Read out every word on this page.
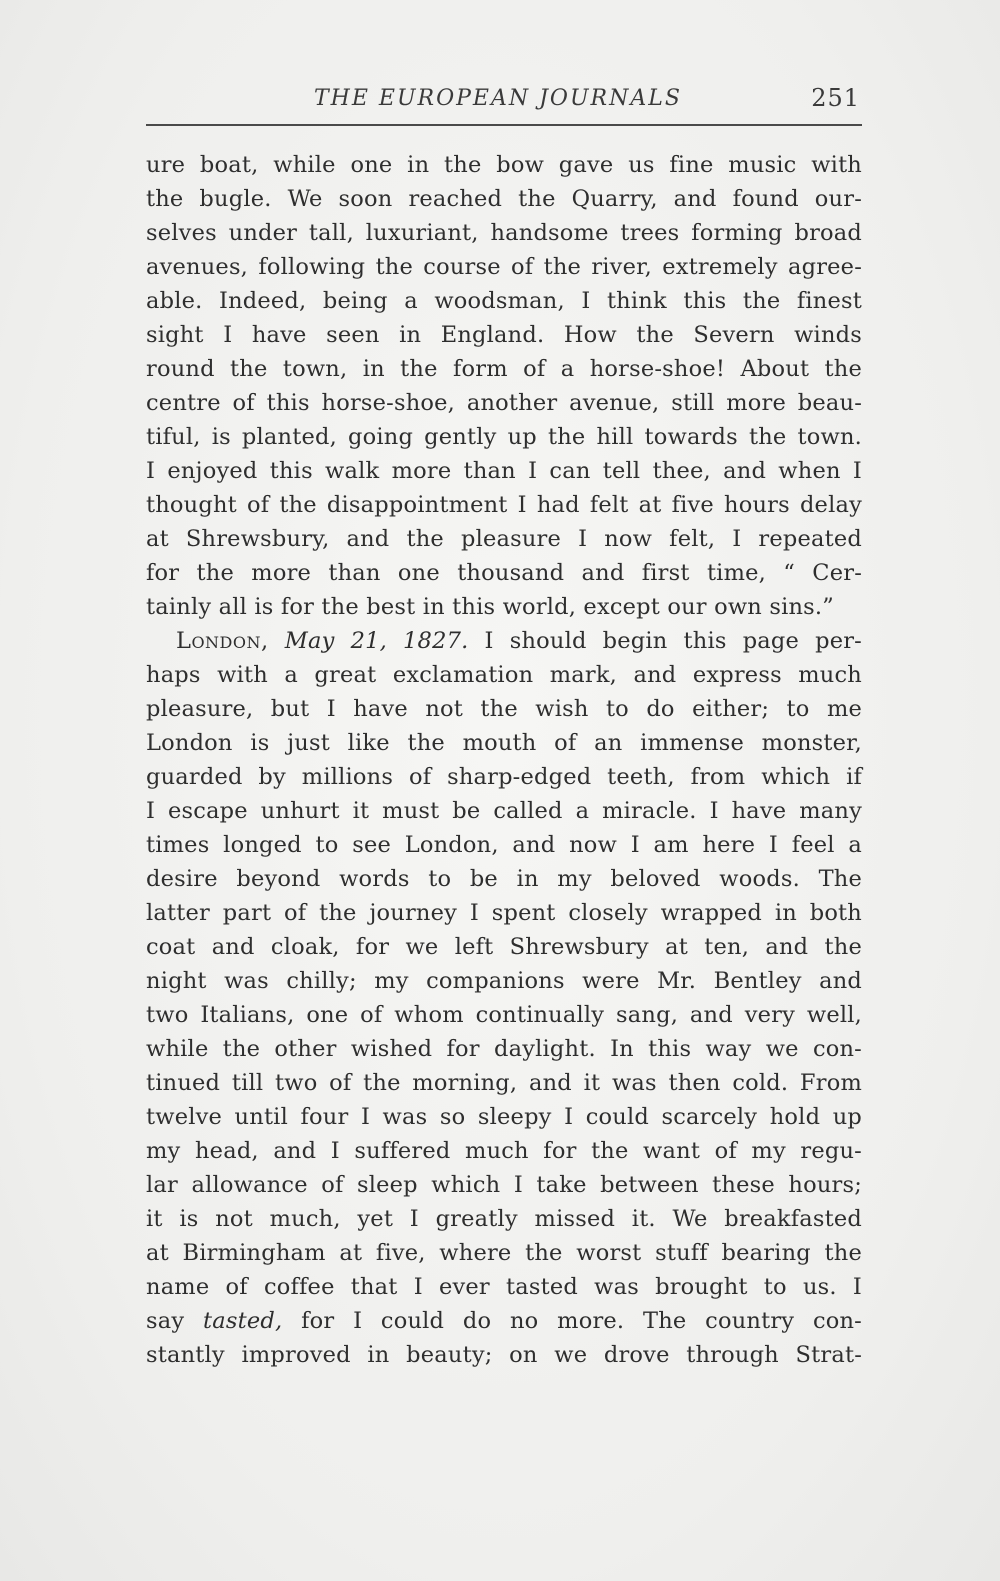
THE EUROPEAN JOURNALS	251
ure boat, while one in the bow gave us fine music with
the bugle. We soon reached the Quarry, and found our-
selves under tall, luxuriant, handsome trees forming broad
avenues, following the course of the river, extremely agree-
able. Indeed, being a woodsman, I think this the finest
sight I have seen in England. How the Severn winds
round the town, in the form of a horse-shoe! About the
centre of this horse-shoe, another avenue, still more beau-
tiful, is planted, going gently up the hill towards the town.
I enjoyed this walk more than I can tell thee, and when I
thought of the disappointment I had felt at five hours delay
at Shrewsbury, and the pleasure I now felt, I repeated
for the more than one thousand and first time, “ Cer-
tainly all is for the best in this world, except our own sins.”
London, May 21, 1827. I should begin this page per-
haps with a great exclamation mark, and express much
pleasure, but I have not the wish to do either; to me
London is just like the mouth of an immense monster,
guarded by millions of sharp-edged teeth, from which if
I escape unhurt it must be called a miracle. I have many
times longed to see London, and now I am here I feel a
desire beyond words to be in my beloved woods. The
latter part of the journey I spent closely wrapped in both
coat and cloak, for we left Shrewsbury at ten, and the
night was chilly; my companions were Mr. Bentley and
two Italians, one of whom continually sang, and very well,
while the other wished for daylight. In this way we con-
tinued till two of the morning, and it was then cold. From
twelve until four I was so sleepy I could scarcely hold up
my head, and I suffered much for the want of my regu-
lar allowance of sleep which I take between these hours;
it is not much, yet I greatly missed it. We breakfasted
at Birmingham at five, where the worst stuff bearing the
name of coffee that I ever tasted was brought to us. I
say tasted, for I could do no more. The country con-
stantly improved in beauty; on we drove through Strat-
